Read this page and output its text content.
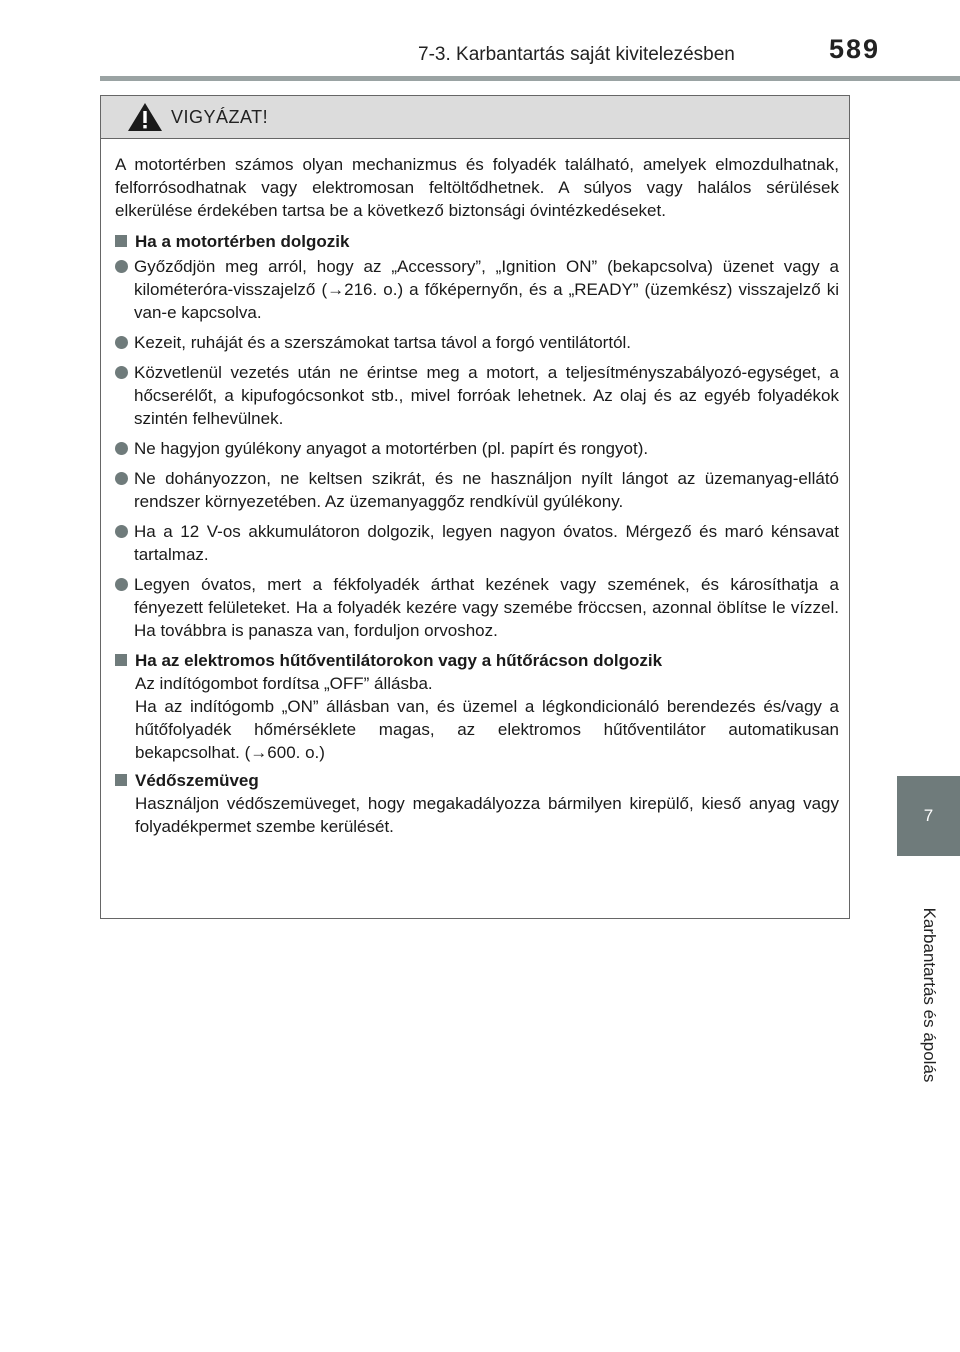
7-3. Karbantartás saját kivitelezésben	589
7
Karbantartás és ápolás
VIGYÁZAT!

A motortérben számos olyan mechanizmus és folyadék található, amelyek elmozdulhatnak, felforrósodhatnak vagy elektromosan feltöltődhetnek. A súlyos vagy halálos sérülések elkerülése érdekében tartsa be a következő biztonsági óvintézkedéseket.

Ha a motortérben dolgozik
Győződjön meg arról, hogy az „Accessory”, „Ignition ON” (bekapcsolva) üzenet vagy a kilométeróra-visszajelző (→216. o.) a főképernyőn, és a „READY” (üzemkész) visszajelző ki van-e kapcsolva.
Kezeit, ruháját és a szerszámokat tartsa távol a forgó ventilátortól.
Közvetlenül vezetés után ne érintse meg a motort, a teljesítményszabályozó-egységet, a hőcserélőt, a kipufogócsonkot stb., mivel forróak lehetnek. Az olaj és az egyéb folyadékok szintén felhevülnek.
Ne hagyjon gyúlékony anyagot a motortérben (pl. papírt és rongyot).
Ne dohányozzon, ne keltsen szikrát, és ne használjon nyílt lángot az üzemanyag-ellátó rendszer környezetében. Az üzemanyaggőz rendkívül gyúlékony.
Ha a 12 V-os akkumulátoron dolgozik, legyen nagyon óvatos. Mérgező és maró kénsavat tartalmaz.
Legyen óvatos, mert a fékfolyadék árthat kezének vagy szemének, és károsíthatja a fényezett felületeket. Ha a folyadék kezére vagy szemébe fröccsen, azonnal öblítse le vízzel. Ha továbbra is panasza van, forduljon orvoshoz.
Ha az elektromos hűtőventilátorokon vagy a hűtőrácson dolgozik

Az indítógombot fordítsa „OFF” állásba.

Ha az indítógomb „ON” állásban van, és üzemel a légkondicionáló berendezés és/vagy a hűtőfolyadék hőmérséklete magas, az elektromos hűtőventilátor automatikusan bekapcsolhat. (→600. o.)

Védőszemüveg

Használjon védőszemüveget, hogy megakadályozza bármilyen kirepülő, kieső anyag vagy folyadékpermet szembe kerülését.
